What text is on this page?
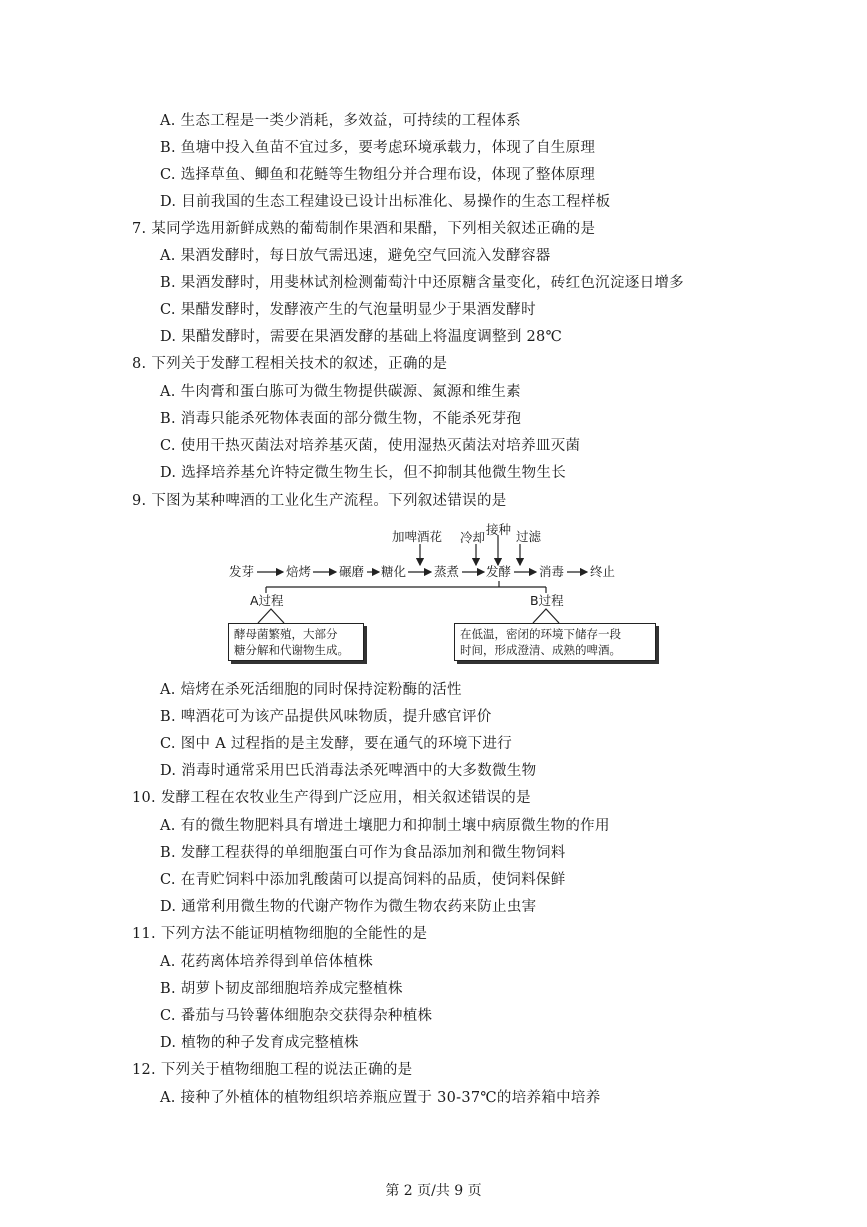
A. 生态工程是一类少消耗，多效益，可持续的工程体系
B. 鱼塘中投入鱼苗不宜过多，要考虑环境承载力，体现了自生原理
C. 选择草鱼、鲫鱼和花鲢等生物组分并合理布设，体现了整体原理
D. 目前我国的生态工程建设已设计出标准化、易操作的生态工程样板
7. 某同学选用新鲜成熟的葡萄制作果酒和果醋，下列相关叙述正确的是
A. 果酒发酵时，每日放气需迅速，避免空气回流入发酵容器
B. 果酒发酵时，用斐林试剂检测葡萄汁中还原糖含量变化，砖红色沉淀逐日增多
C. 果醋发酵时，发酵液产生的气泡量明显少于果酒发酵时
D. 果醋发酵时，需要在果酒发酵的基础上将温度调整到 28℃
8. 下列关于发酵工程相关技术的叙述，正确的是
A. 牛肉膏和蛋白胨可为微生物提供碳源、氮源和维生素
B. 消毒只能杀死物体表面的部分微生物，不能杀死芽孢
C. 使用干热灭菌法对培养基灭菌，使用湿热灭菌法对培养皿灭菌
D. 选择培养基允许特定微生物生长，但不抑制其他微生物生长
9. 下图为某种啤酒的工业化生产流程。下列叙述错误的是
加啤酒花 冷却
接种 过滤
发芽	焙烤 碾磨 糖化 蒸煮 发酵 消毒 终止
A过程	B过程
酵母菌繁殖，大部分
糖分解和代谢物生成。
在低温，密闭的环境下储存一段
时间，形成澄清、成熟的啤酒。
A. 焙烤在杀死活细胞的同时保持淀粉酶的活性
B. 啤酒花可为该产品提供风味物质，提升感官评价
C. 图中 A 过程指的是主发酵，要在通气的环境下进行
D. 消毒时通常采用巴氏消毒法杀死啤酒中的大多数微生物
10. 发酵工程在农牧业生产得到广泛应用，相关叙述错误的是
A. 有的微生物肥料具有增进土壤肥力和抑制土壤中病原微生物的作用
B. 发酵工程获得的单细胞蛋白可作为食品添加剂和微生物饲料
C. 在青贮饲料中添加乳酸菌可以提高饲料的品质，使饲料保鲜
D. 通常利用微生物的代谢产物作为微生物农药来防止虫害
11. 下列方法不能证明植物细胞的全能性的是
A. 花药离体培养得到单倍体植株
B. 胡萝卜韧皮部细胞培养成完整植株
C. 番茄与马铃薯体细胞杂交获得杂种植株
D. 植物的种子发育成完整植株
12. 下列关于植物细胞工程的说法正确的是
A. 接种了外植体的植物组织培养瓶应置于 30-37℃的培养箱中培养
第 2 页/共 9 页
